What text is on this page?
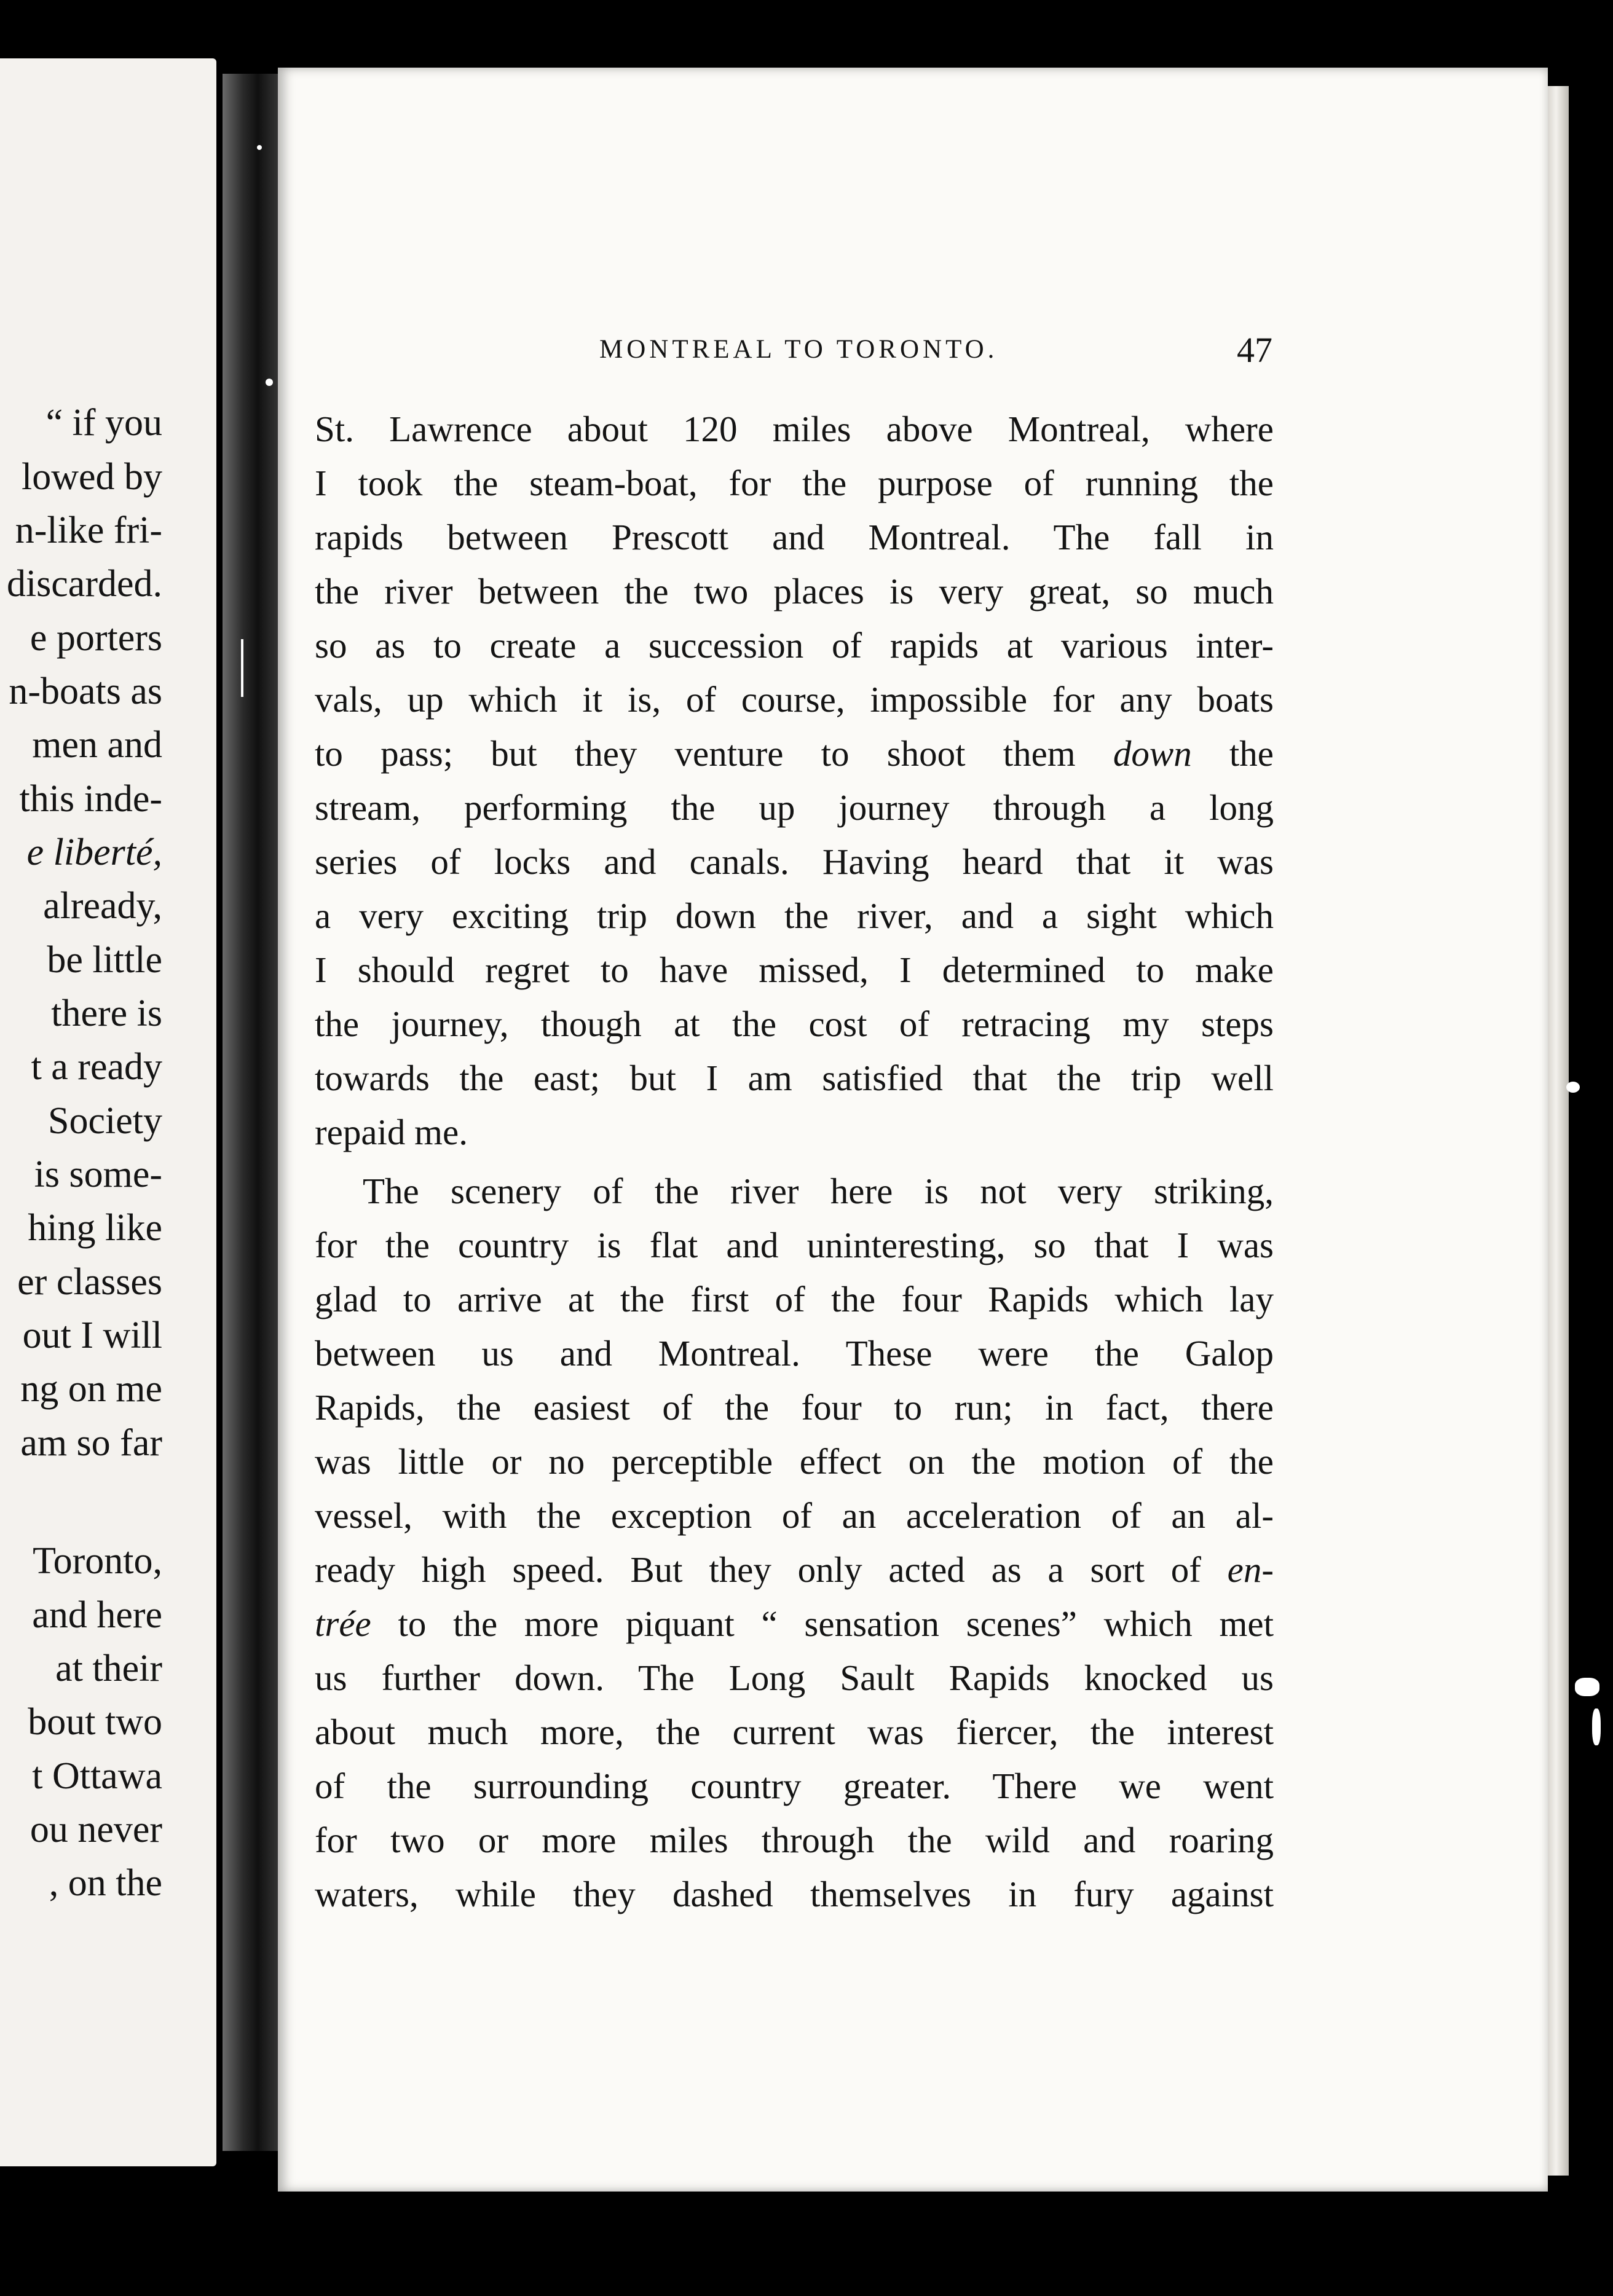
“ if you
lowed by
n-like fri-
discarded.
e porters
n-boats as
men and
this inde-
e liberté,
already,
be little
there is
t a ready
Society
is some-
hing like
er classes
out I will
ng on me
am so far
Toronto,
and here
at their
bout two
t Ottawa
ou never
, on the
MONTREAL TO TORONTO.	47
St. Lawrence about 120 miles above Montreal, where
I took the steam-boat, for the purpose of running the
rapids between Prescott and Montreal. The fall in
the river between the two places is very great, so much
so as to create a succession of rapids at various inter-
vals, up which it is, of course, impossible for any boats
to pass; but they venture to shoot them down the
stream, performing the up journey through a long
series of locks and canals. Having heard that it was
a very exciting trip down the river, and a sight which
I should regret to have missed, I determined to make
the journey, though at the cost of retracing my steps
towards the east; but I am satisfied that the trip well
repaid me.
The scenery of the river here is not very striking,
for the country is flat and uninteresting, so that I was
glad to arrive at the first of the four Rapids which lay
between us and Montreal. These were the Galop
Rapids, the easiest of the four to run; in fact, there
was little or no perceptible effect on the motion of the
vessel, with the exception of an acceleration of an al-
ready high speed. But they only acted as a sort of en-
trée to the more piquant “ sensation scenes” which met
us further down. The Long Sault Rapids knocked us
about much more, the current was fiercer, the interest
of the surrounding country greater. There we went
for two or more miles through the wild and roaring
waters, while they dashed themselves in fury against
